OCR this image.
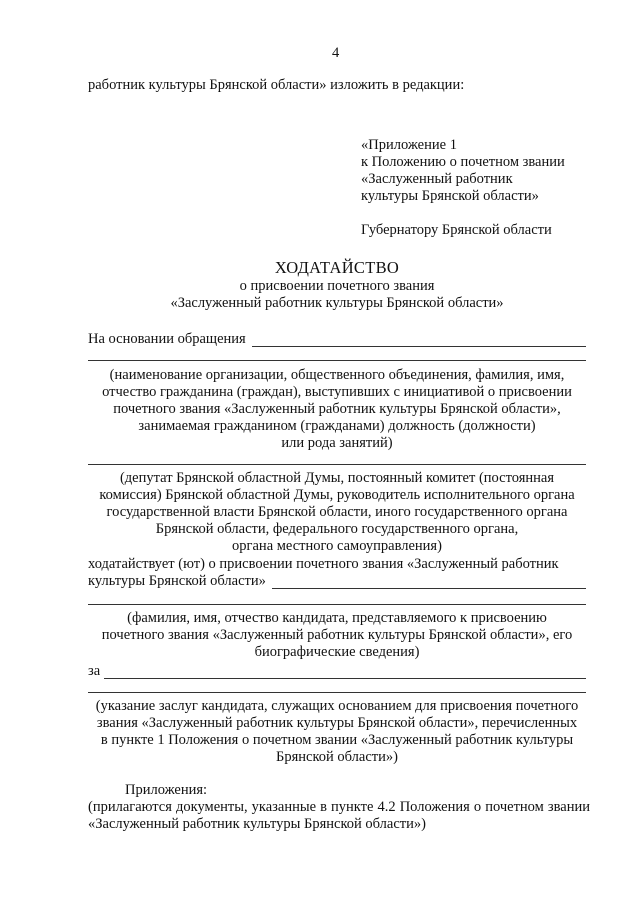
4
работник культуры Брянской области» изложить в редакции:
«Приложение 1
к Положению о почетном звании
«Заслуженный работник
культуры Брянской области»
Губернатору Брянской области
ХОДАТАЙСТВО
о присвоении почетного звания
«Заслуженный работник культуры Брянской области»
На основании обращения
(наименование организации, общественного объединения, фамилия, имя,
отчество гражданина (граждан), выступивших с инициативой о присвоении
почетного звания «Заслуженный работник культуры Брянской области»,
занимаемая гражданином (гражданами) должность (должности)
или рода занятий)
(депутат Брянской областной Думы, постоянный комитет (постоянная
комиссия) Брянской областной Думы, руководитель исполнительного органа
государственной власти Брянской области, иного государственного органа
Брянской области, федерального государственного органа,
органа местного самоуправления)
ходатайствует (ют) о присвоении почетного звания «Заслуженный работник
культуры Брянской области»
(фамилия, имя, отчество кандидата, представляемого к присвоению
почетного звания «Заслуженный работник культуры Брянской области», его
биографические сведения)
за
(указание заслуг кандидата, служащих основанием для присвоения почетного
звания «Заслуженный работник культуры Брянской области», перечисленных
в пункте 1 Положения о почетном звании «Заслуженный работник культуры
Брянской области»)
Приложения:
(прилагаются документы, указанные в пункте 4.2 Положения о почетном звании «Заслуженный работник культуры Брянской области»)
